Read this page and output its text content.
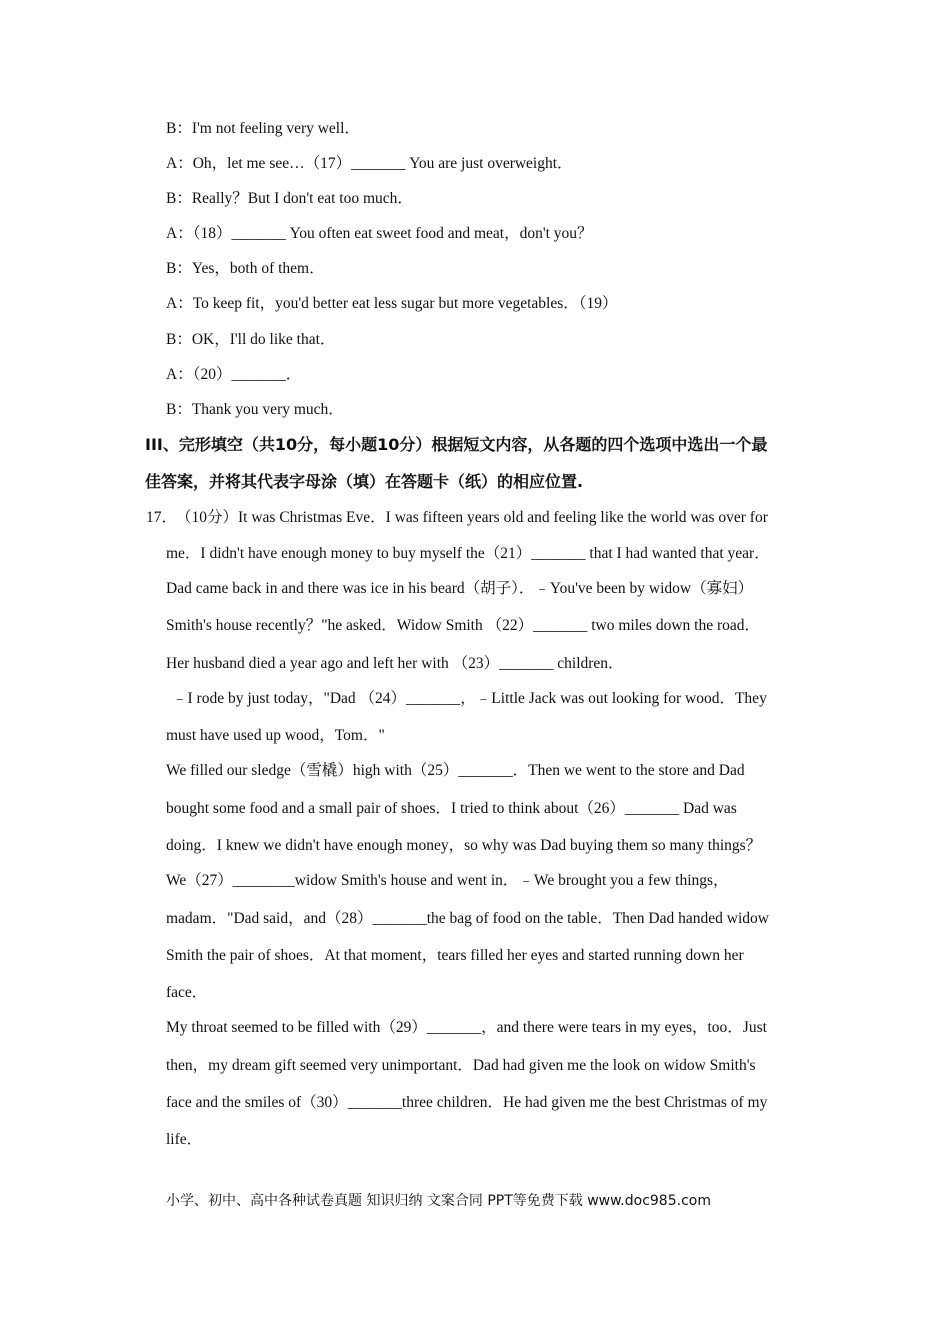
B：I'm not feeling very well．
A：Oh，let me see…（17）_______ You are just overweight．
B：Really？But I don't eat too much．
A：（18）_______ You often eat sweet food and meat，don't you？
B：Yes，both of them．
A：To keep fit，you'd better eat less sugar but more vegetables．（19）
B：OK，I'll do like that．
A：（20）_______．
B：Thank you very much．
III、完形填空（共10分，每小题10分）根据短文内容，从各题的四个选项中选出一个最
佳答案，并将其代表字母涂（填）在答题卡（纸）的相应位置.
17．
（10分）It was Christmas Eve．I was fifteen years old and feeling like the world was over for
me．I didn't have enough money to buy myself the（21）_______ that I had wanted that year．
Dad came back in and there was ice in his beard（胡子）．﹣You've been by widow（寡妇）
Smith's house recently？"he asked．Widow Smith （22）_______ two miles down the road．
Her husband died a year ago and left her with （23）_______ children．
﹣I rode by just today，"Dad （24）_______，﹣Little Jack was out looking for wood．They
must have used up wood，Tom．"
We filled our sledge（雪橇）high with（25）_______．Then we went to the store and Dad
bought some food and a small pair of shoes．I tried to think about（26）_______ Dad was
doing．I knew we didn't have enough money，so why was Dad buying them so many things？
We（27）________widow Smith's house and went in．﹣We brought you a few things，
madam．"Dad said，and（28）_______the bag of food on the table．Then Dad handed widow
Smith the pair of shoes．At that moment，tears filled her eyes and started running down her
face．
My throat seemed to be filled with（29）_______，and there were tears in my eyes，too．Just
then，my dream gift seemed very unimportant．Dad had given me the look on widow Smith's
face and the smiles of（30）_______three children．He had given me the best Christmas of my
life．
小学、初中、高中各种试卷真题 知识归纳 文案合同 PPT等免费下载 www.doc985.com
